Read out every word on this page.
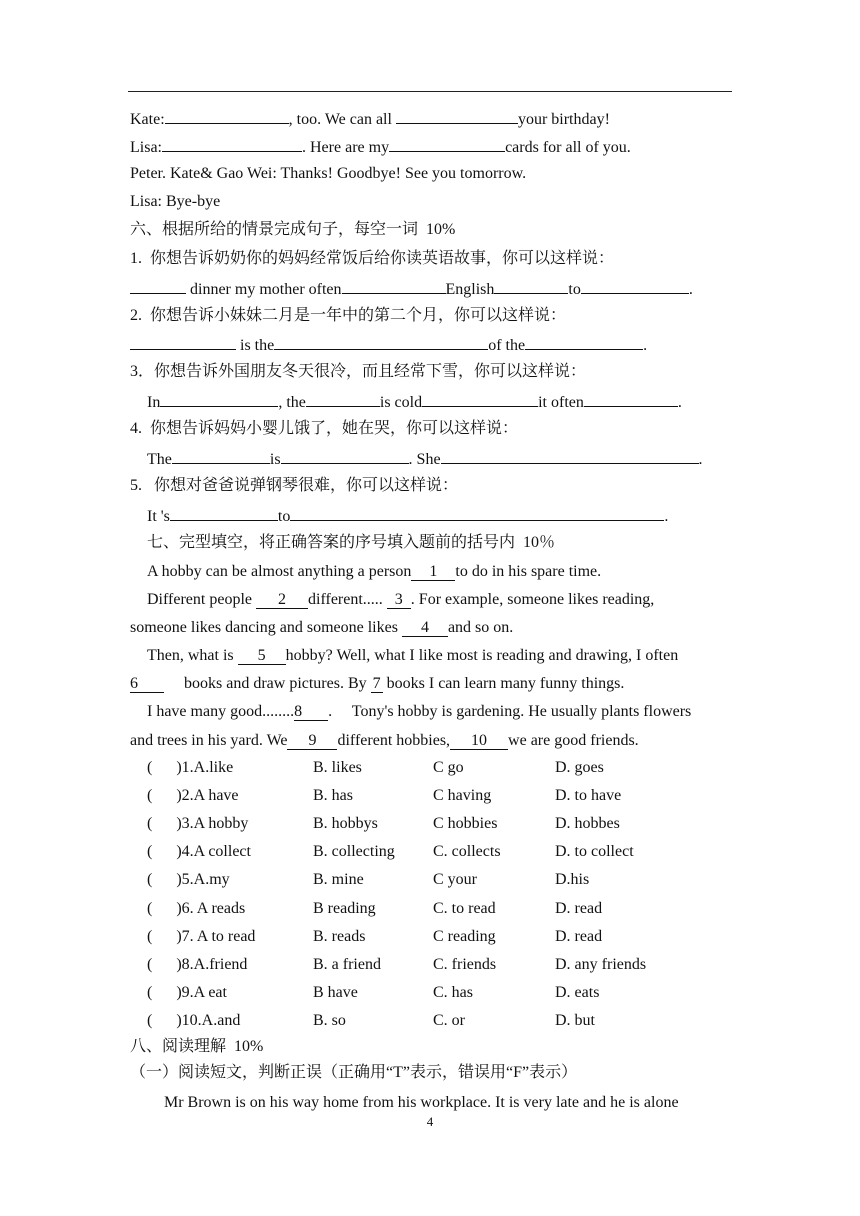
Kate:	, too. We can all	your birthday!
Lisa:	. Here are my	cards for all of you.
Peter. Kate& Gao Wei: Thanks! Goodbye! See you tomorrow.
Lisa: Bye-bye
六、根据所给的情景完成句子，每空一词  10%
1.  你想告诉奶奶你的妈妈经常饭后给你读英语故事，你可以这样说：
dinner my mother often	English	to	.
2.  你想告诉小妹妹二月是一年中的第二个月，你可以这样说：
is the	of the	.
3．你想告诉外国朋友冬天很冷，而且经常下雪，你可以这样说：
In	, the	is cold	it often	.
4.  你想告诉妈妈小婴儿饿了，她在哭，你可以这样说：
The	is	. She	.
5.   你想对爸爸说弹钢琴很难，你可以这样说：
It 's	to	.
七、完型填空，将正确答案的序号填入题前的括号内  10％
A hobby can be almost anything a person 1 to do in his spare time.
Different people 2 different..... 3 . For example, someone likes reading,
someone likes dancing and someone likes 4 and so on.
Then, what is 5 hobby? Well, what I like most is reading and drawing, I often
6     books and draw pictures. By 7 books I can learn many funny things.
I have many good........8 .     Tony's hobby is gardening. He usually plants flowers
and trees in his yard. We 9 different hobbies, 10 we are good friends.
(      )1.A.like	B. likes	C go	D. goes
(      )2.A have	B. has	C having	D. to have
(      )3.A hobby	B. hobbys	C hobbies	D. hobbes
(      )4.A collect	B. collecting C. collects	D. to collect
(      )5.A.my	B. mine	C your	D.his
(      )6. A reads	B reading	C. to read	D. read
(      )7. A to read	B. reads	C reading	D. read
(      )8.A.friend	B. a friend	C. friends	D. any friends
(      )9.A eat	B have	C. has	D. eats
(      )10.A.and	B. so	C. or	D. but
八、阅读理解  10%
（一）阅读短文，判断正误（正确用“T”表示，错误用“F”表示）
Mr Brown is on his way home from his workplace. It is very late and he is alone
4
